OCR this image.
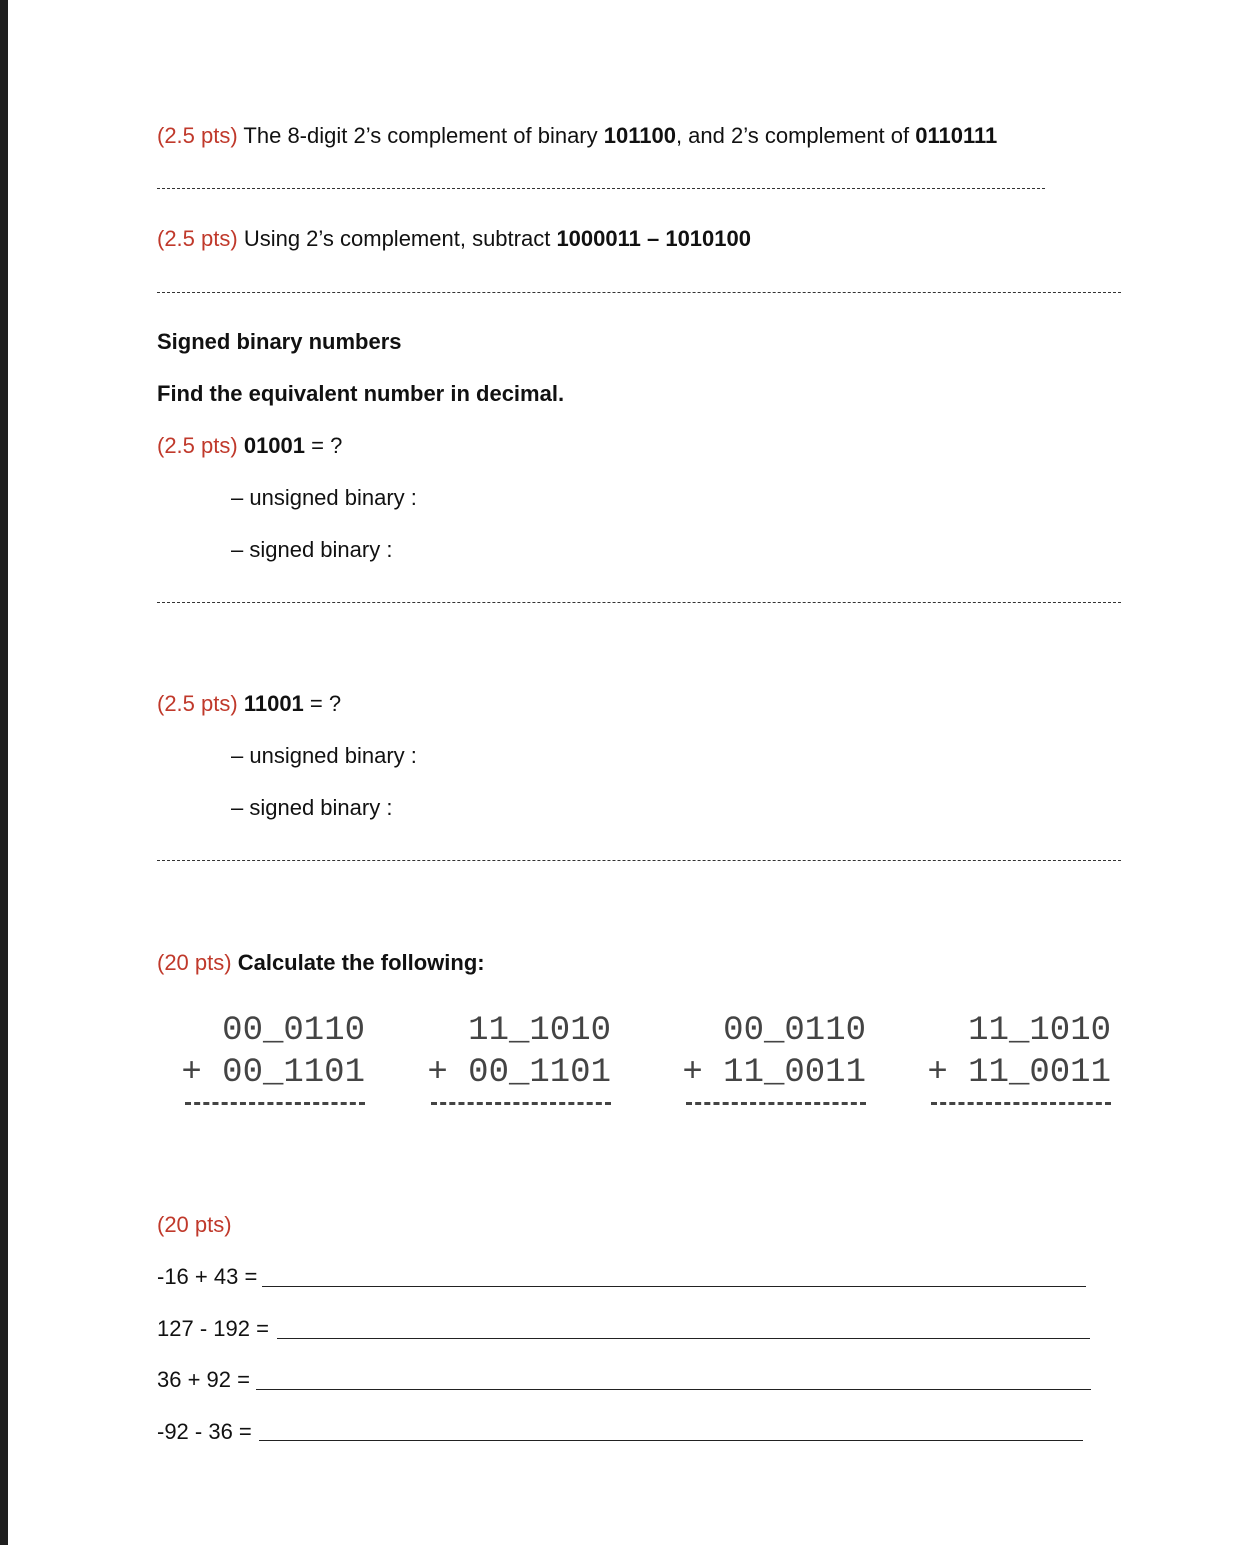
(2.5 pts) The 8-digit 2’s complement of binary 101100, and 2’s complement of 0110111
(2.5 pts) Using 2’s complement, subtract 1000011 – 1010100
Signed binary numbers
Find the equivalent number in decimal.
(2.5 pts) 01001 = ?
– unsigned binary :
– signed binary :
(2.5 pts) 11001 = ?
– unsigned binary :
– signed binary :
(20 pts) Calculate the following:
00_0110
+ 00_1101
11_1010
+ 00_1101
00_0110
+ 11_0011
11_1010
+ 11_0011
(20 pts)
-16 + 43 =
127 - 192 =
36 + 92 =
-92 - 36 =
